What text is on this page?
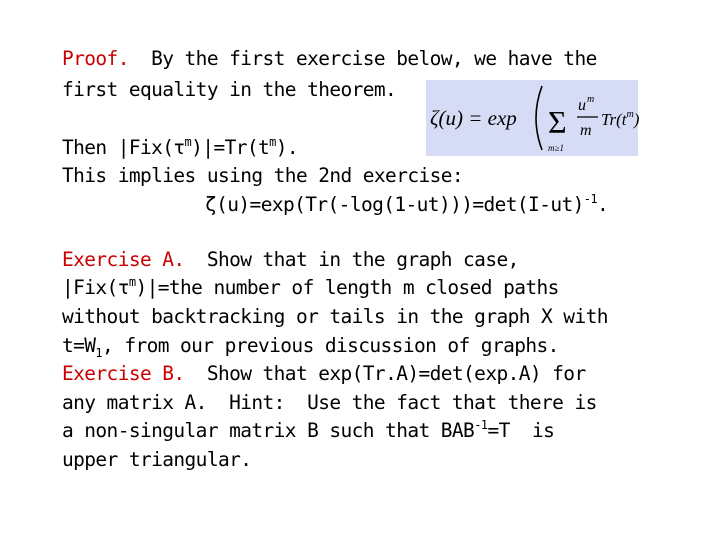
Proof.  By the first exercise below, we have the
first equality in the theorem.
ζ(u) = exp Σ
m≥1
u m
m
$Tr(t^m)$
Then $|Fix(\tau^m)|=Tr(t^m)$.
This implies using the 2nd exercise:
$\zeta(u)=\exp(Tr(-\log(1-ut)))=\det(I-ut)^{-1}$.
Exercise A.  Show that in the graph case,
$|Fix(\tau^m)|=the$ number of length m closed paths
without backtracking or tails in the graph X with
$t=W_1$, from our previous discussion of graphs.
Exercise B.  Show that exp(Tr.A)=det(exp.A) for
any matrix A.  Hint:  Use the fact that there is
a non-singular matrix B such that $BAB^{-1}=T$  is
upper triangular.
